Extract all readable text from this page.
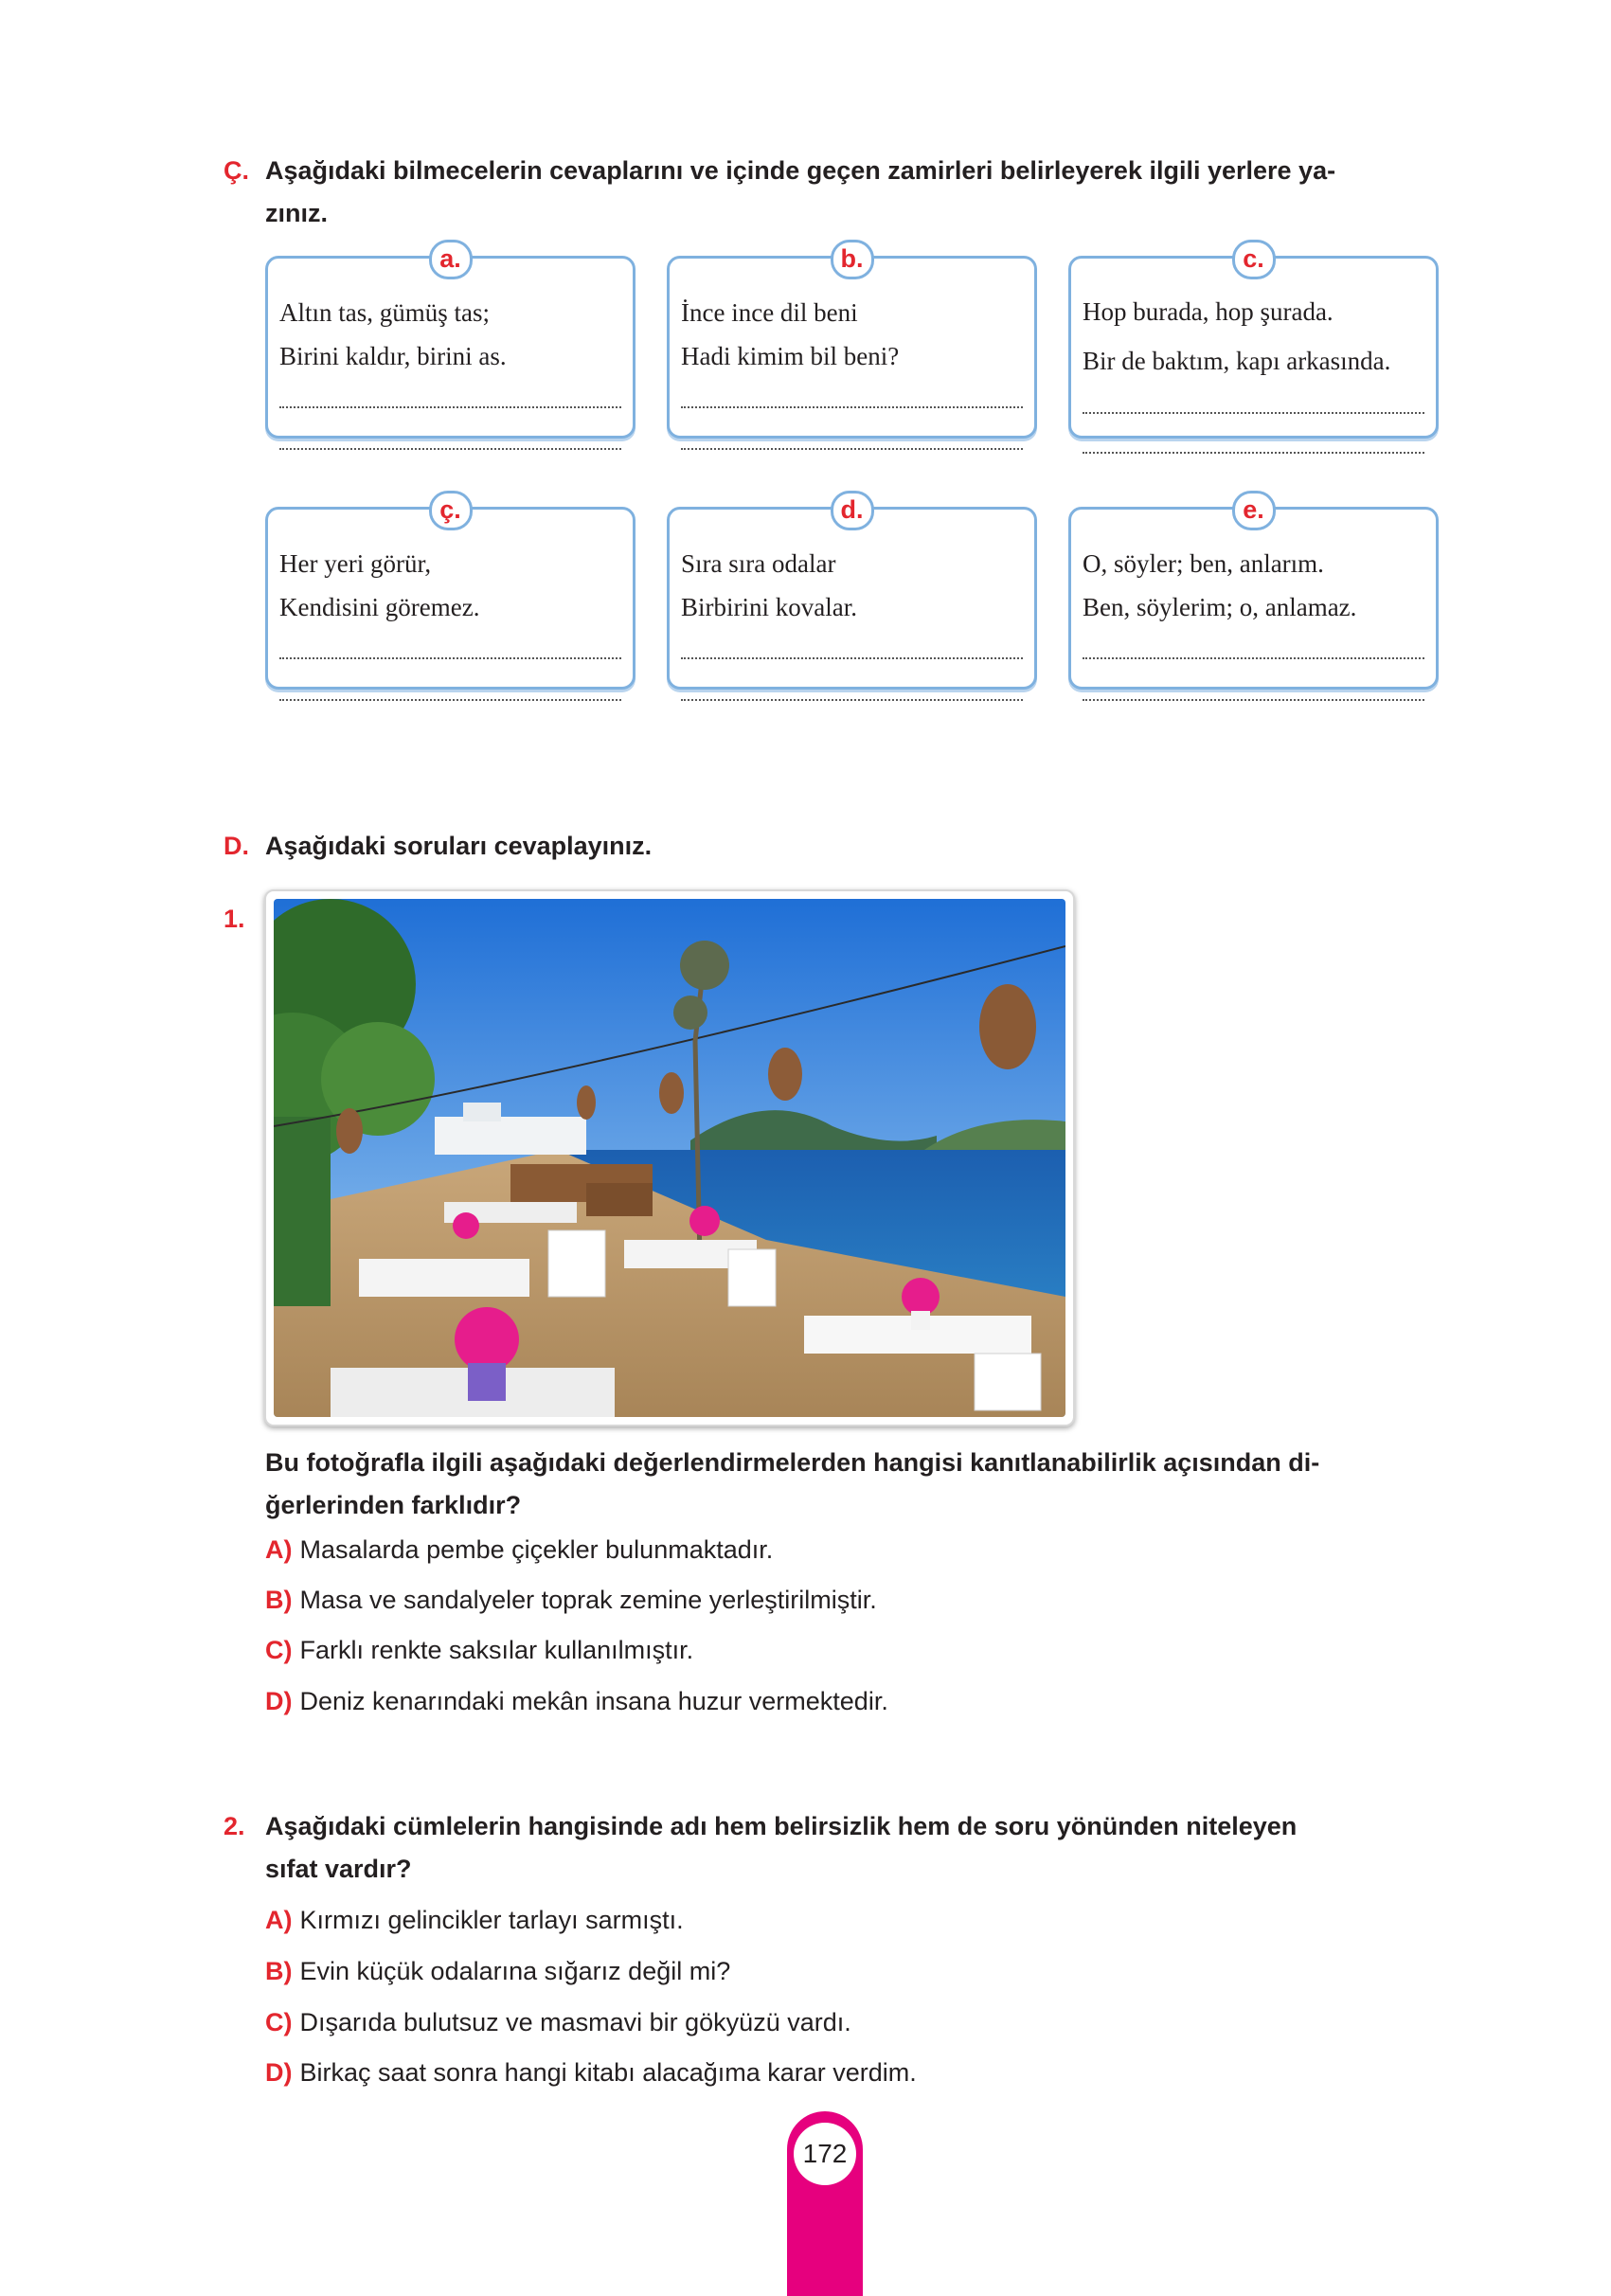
Ç. Aşağıdaki bilmecelerin cevaplarını ve içinde geçen zamirleri belirleyerek ilgili yerlere ya-
zınız.
a.
Altın tas, gümüş tas;
Birini kaldır, birini as.
b.
İnce ince dil beni
Hadi kimim bil beni?
c.
Hop burada, hop şurada.
Bir de baktım, kapı arkasında.
ç.
Her yeri görür,
Kendisini göremez.
d.
Sıra sıra odalar
Birbirini kovalar.
e.
O, söyler; ben, anlarım.
Ben, söylerim; o, anlamaz.
D. Aşağıdaki soruları cevaplayınız.
1.
Bu fotoğrafla ilgili aşağıdaki değerlendirmelerden hangisi kanıtlanabilirlik açısından di-
ğerlerinden farklıdır?
A) Masalarda pembe çiçekler bulunmaktadır.
B) Masa ve sandalyeler toprak zemine yerleştirilmiştir.
C) Farklı renkte saksılar kullanılmıştır.
D) Deniz kenarındaki mekân insana huzur vermektedir.
2. Aşağıdaki cümlelerin hangisinde adı hem belirsizlik hem de soru yönünden niteleyen
sıfat vardır?
A) Kırmızı gelincikler tarlayı sarmıştı.
B) Evin küçük odalarına sığarız değil mi?
C) Dışarıda bulutsuz ve masmavi bir gökyüzü vardı.
D) Birkaç saat sonra hangi kitabı alacağıma karar verdim.
172
